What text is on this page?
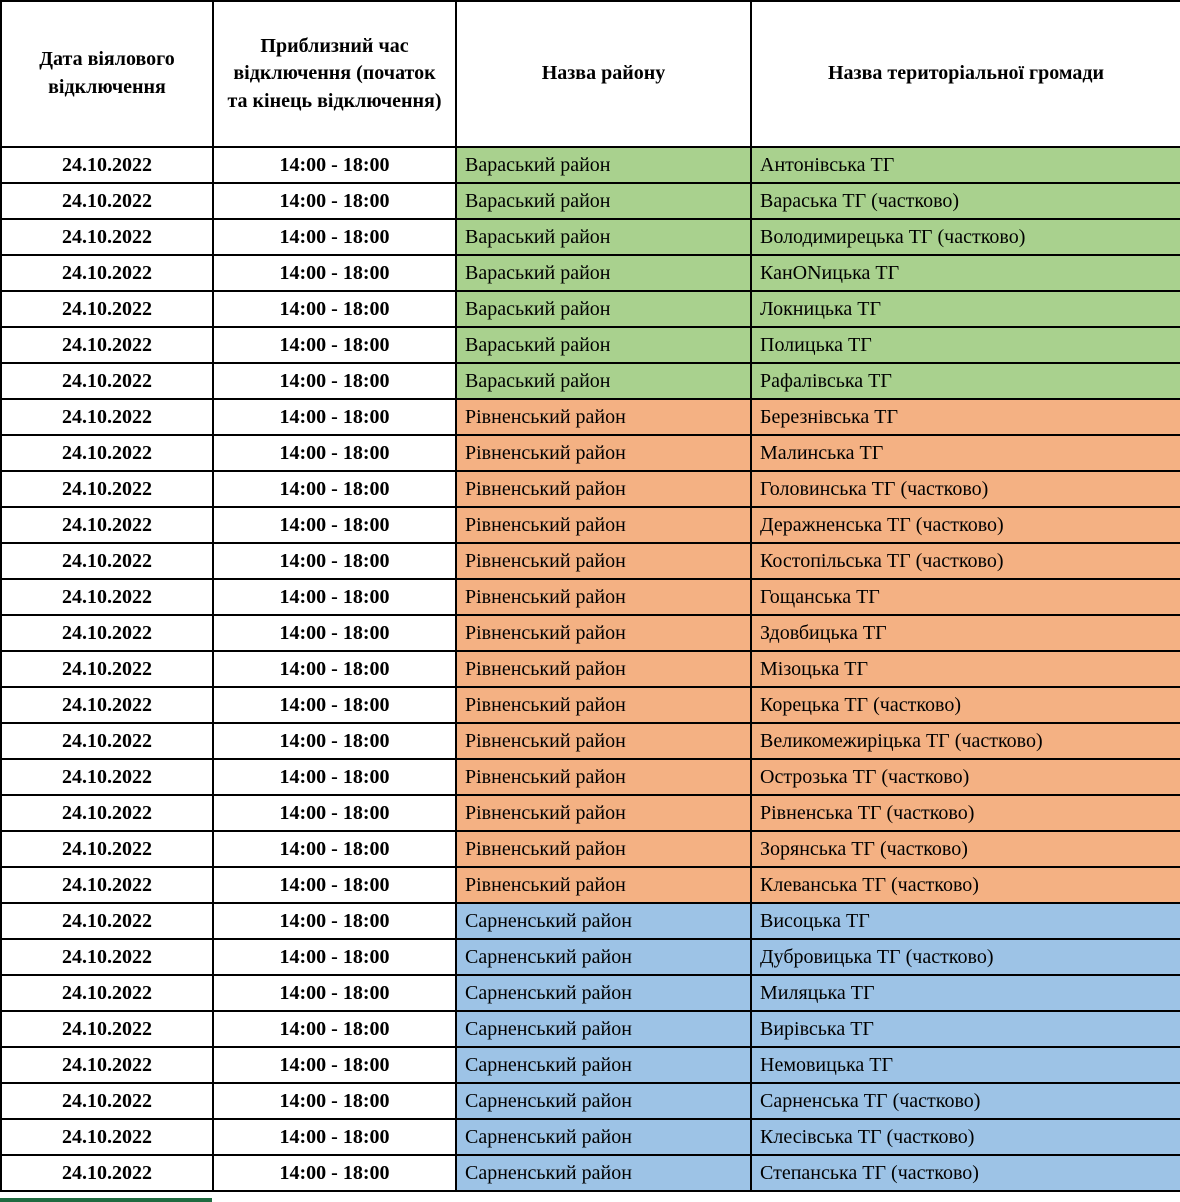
Дата віялового відключення	Приблизний час відключення (початок та кінець відключення)	Назва району	Назва територіальної громади
24.10.2022	14:00 - 18:00	Вараський район	Антонівська ТГ
24.10.2022	14:00 - 18:00	Вараський район	Вараська ТГ (частково)
24.10.2022	14:00 - 18:00	Вараський район	Володимирецька ТГ (частково)
24.10.2022	14:00 - 18:00	Вараський район	КанONицька ТГ
24.10.2022	14:00 - 18:00	Вараський район	Локницька ТГ
24.10.2022	14:00 - 18:00	Вараський район	Полицька ТГ
24.10.2022	14:00 - 18:00	Вараський район	Рафалівська ТГ
24.10.2022	14:00 - 18:00	Рівненський район	Березнівська ТГ
24.10.2022	14:00 - 18:00	Рівненський район	Малинська ТГ
24.10.2022	14:00 - 18:00	Рівненський район	Головинська ТГ (частково)
24.10.2022	14:00 - 18:00	Рівненський район	Деражненська ТГ (частково)
24.10.2022	14:00 - 18:00	Рівненський район	Костопільська ТГ (частково)
24.10.2022	14:00 - 18:00	Рівненський район	Гощанська ТГ
24.10.2022	14:00 - 18:00	Рівненський район	Здовбицька ТГ
24.10.2022	14:00 - 18:00	Рівненський район	Мізоцька ТГ
24.10.2022	14:00 - 18:00	Рівненський район	Корецька ТГ (частково)
24.10.2022	14:00 - 18:00	Рівненський район	Великомежиріцька ТГ (частково)
24.10.2022	14:00 - 18:00	Рівненський район	Острозька ТГ (частково)
24.10.2022	14:00 - 18:00	Рівненський район	Рівненська ТГ (частково)
24.10.2022	14:00 - 18:00	Рівненський район	Зорянська ТГ (частково)
24.10.2022	14:00 - 18:00	Рівненський район	Клеванська ТГ (частково)
24.10.2022	14:00 - 18:00	Сарненський район	Висоцька ТГ
24.10.2022	14:00 - 18:00	Сарненський район	Дубровицька ТГ (частково)
24.10.2022	14:00 - 18:00	Сарненський район	Миляцька ТГ
24.10.2022	14:00 - 18:00	Сарненський район	Вирівська ТГ
24.10.2022	14:00 - 18:00	Сарненський район	Немовицька ТГ
24.10.2022	14:00 - 18:00	Сарненський район	Сарненська ТГ (частково)
24.10.2022	14:00 - 18:00	Сарненський район	Клесівська ТГ (частково)
24.10.2022	14:00 - 18:00	Сарненський район	Степанська ТГ (частково)
